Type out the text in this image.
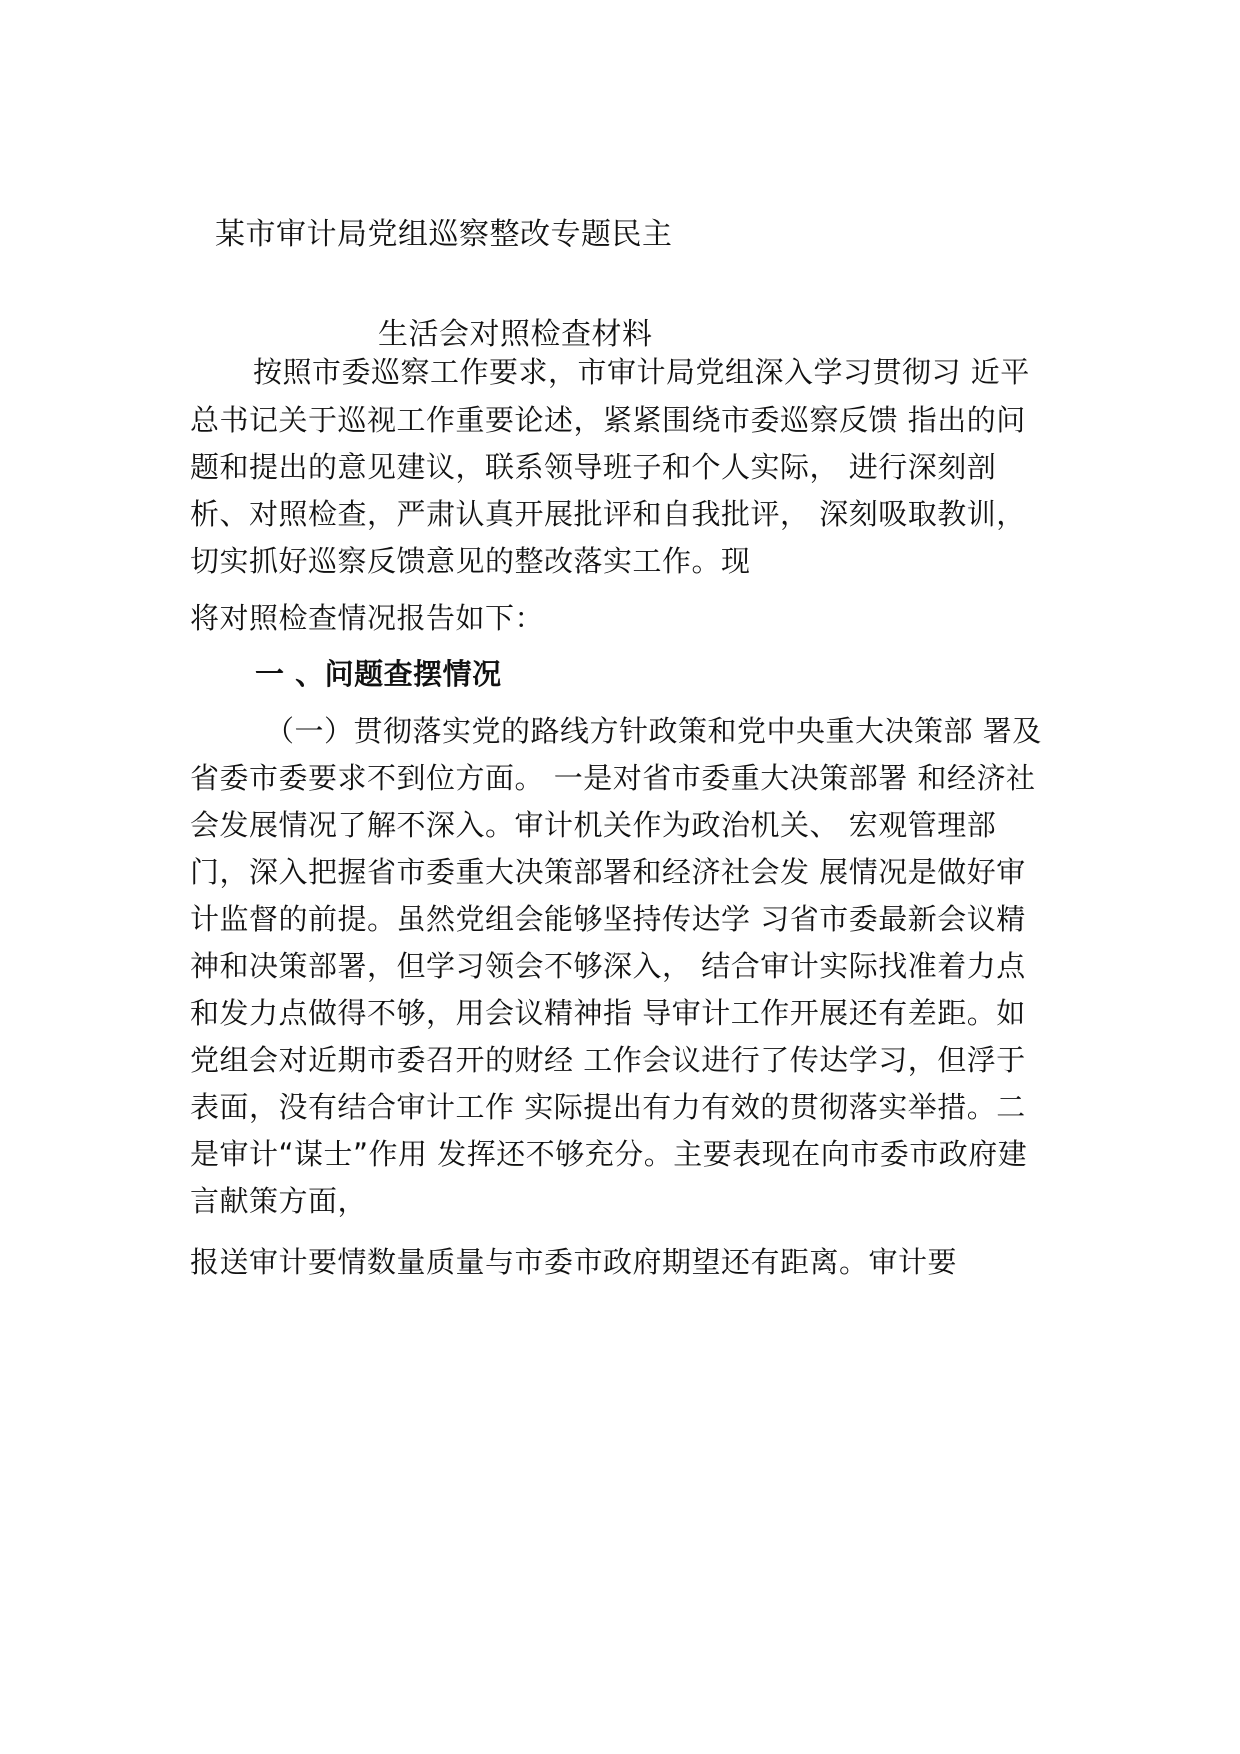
某市审计局党组巡察整改专题民主
生活会对照检查材料
按照市委巡察工作要求，市审计局党组深入学习贯彻习 近平
总书记关于巡视工作重要论述，紧紧围绕市委巡察反馈 指出的问
题和提出的意见建议，联系领导班子和个人实际， 进行深刻剖
析、对照检查，严肃认真开展批评和自我批评， 深刻吸取教训，
切实抓好巡察反馈意见的整改落实工作。现
将对照检查情况报告如下：
一 、问题查摆情况
（一）贯彻落实党的路线方针政策和党中央重大决策部 署及
省委市委要求不到位方面。 一是对省市委重大决策部署 和经济社
会发展情况了解不深入。审计机关作为政治机关、 宏观管理部
门，深入把握省市委重大决策部署和经济社会发 展情况是做好审
计监督的前提。虽然党组会能够坚持传达学 习省市委最新会议精
神和决策部署，但学习领会不够深入， 结合审计实际找准着力点
和发力点做得不够，用会议精神指 导审计工作开展还有差距。如
党组会对近期市委召开的财经 工作会议进行了传达学习，但浮于
表面，没有结合审计工作 实际提出有力有效的贯彻落实举措。二
是审计“谋士”作用 发挥还不够充分。主要表现在向市委市政府建
言献策方面，
报送审计要情数量质量与市委市政府期望还有距离。审计要
